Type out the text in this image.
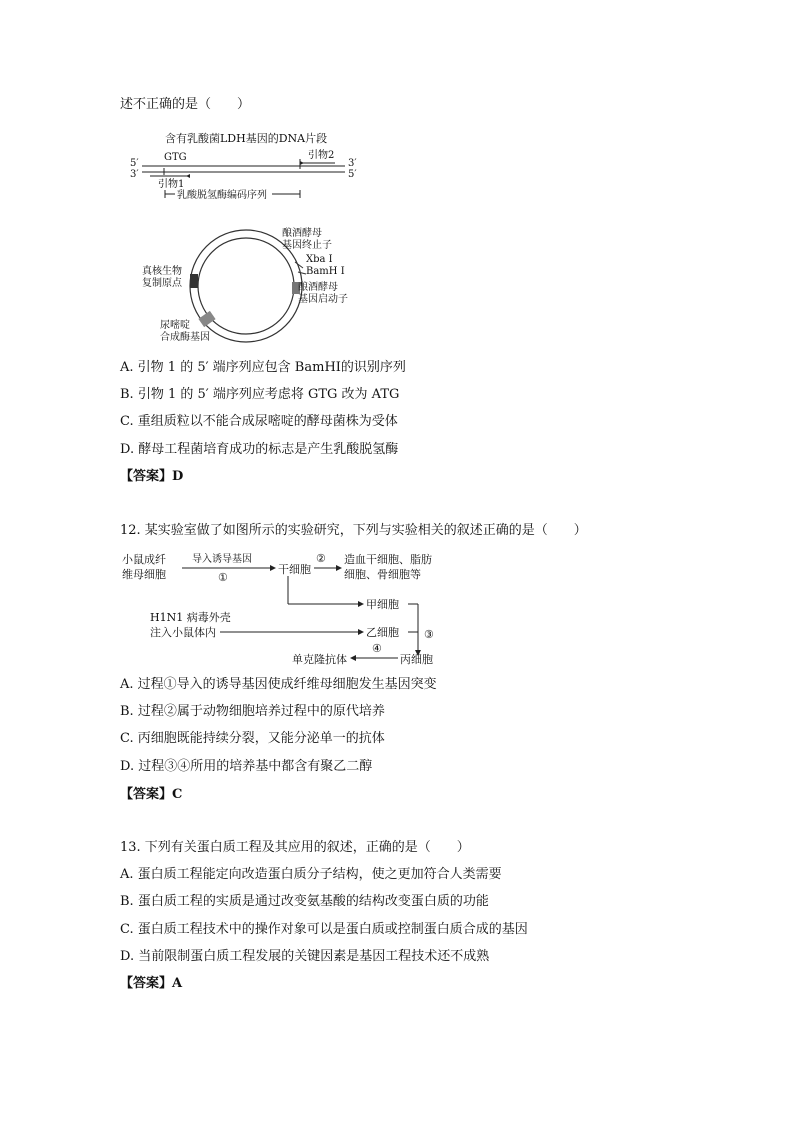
述不正确的是（　　）
含有乳酸菌LDH基因的DNA片段
5′
3′
3′
5′
GTG	引物2
引物1
乳酸脱氢酶编码序列
酿酒酵母
基因终止子
Xba Ⅰ
BamH Ⅰ
酿酒酵母
基因启动子
真核生物
复制原点
尿嘧啶
合成酶基因
A. 引物 1 的 5′ 端序列应包含 BamHⅠ的识别序列
B. 引物 1 的 5′ 端序列应考虑将 GTG 改为 ATG
C. 重组质粒以不能合成尿嘧啶的酵母菌株为受体
D. 酵母工程菌培育成功的标志是产生乳酸脱氢酶
【答案】D
12. 某实验室做了如图所示的实验研究，下列与实验相关的叙述正确的是（　　）
小鼠成纤
维母细胞
导入诱导基因
①
干细胞
② 造血干细胞、脂肪
细胞、骨细胞等
甲细胞
H1N1 病毒外壳
注入小鼠体内	乙细胞 ③
单克隆抗体
④
丙细胞
A. 过程①导入的诱导基因使成纤维母细胞发生基因突变
B. 过程②属于动物细胞培养过程中的原代培养
C. 丙细胞既能持续分裂，又能分泌单一的抗体
D. 过程③④所用的培养基中都含有聚乙二醇
【答案】C
13. 下列有关蛋白质工程及其应用的叙述，正确的是（　　）
A. 蛋白质工程能定向改造蛋白质分子结构，使之更加符合人类需要
B. 蛋白质工程的实质是通过改变氨基酸的结构改变蛋白质的功能
C. 蛋白质工程技术中的操作对象可以是蛋白质或控制蛋白质合成的基因
D. 当前限制蛋白质工程发展的关键因素是基因工程技术还不成熟
【答案】A
